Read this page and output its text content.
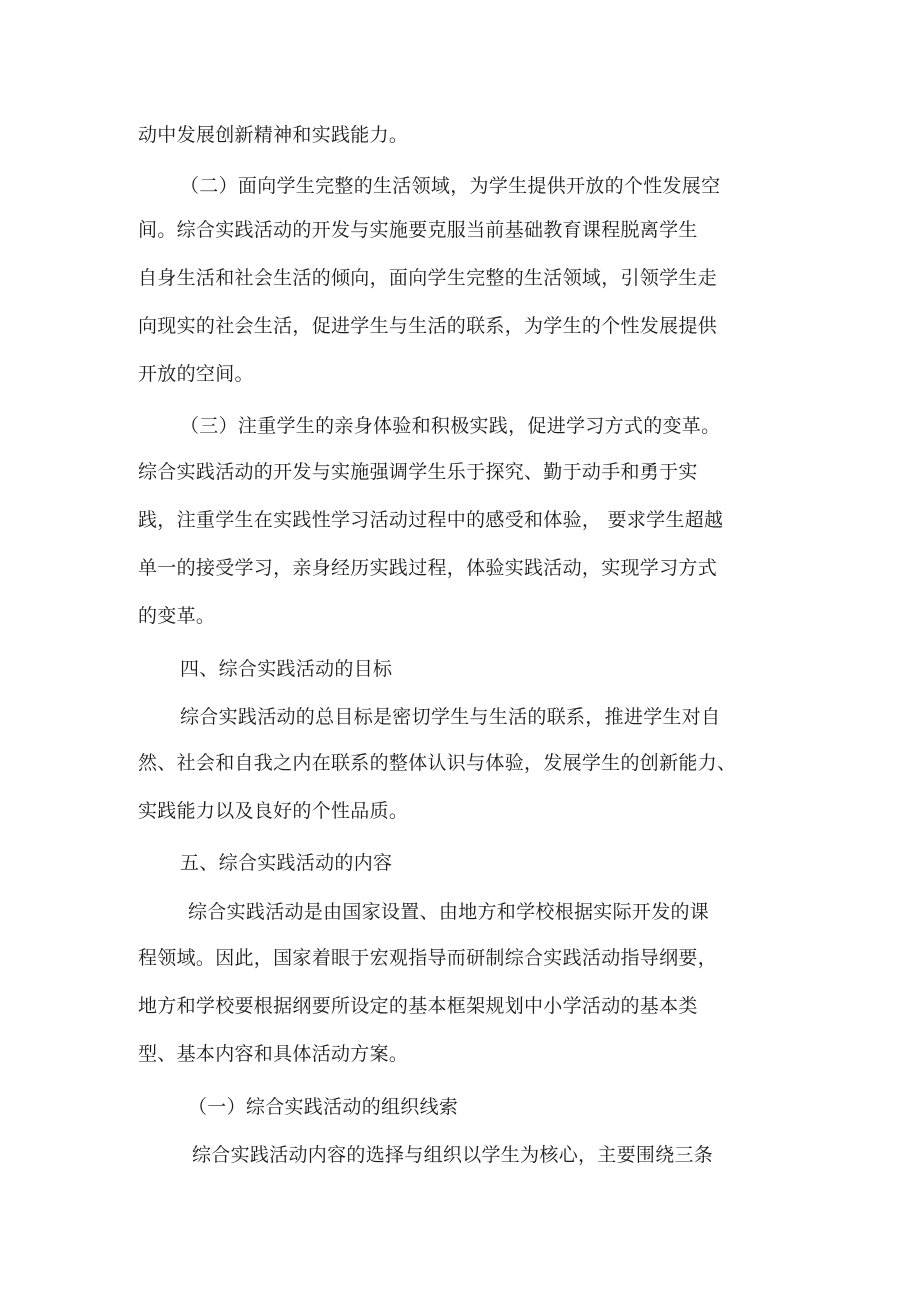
动中发展创新精神和实践能力。
（二）面向学生完整的生活领域，为学生提供开放的个性发展空
间。综合实践活动的开发与实施要克服当前基础教育课程脱离学生
自身生活和社会生活的倾向，面向学生完整的生活领域，引领学生走
向现实的社会生活，促进学生与生活的联系，为学生的个性发展提供
开放的空间。
（三）注重学生的亲身体验和积极实践，促进学习方式的变革。
综合实践活动的开发与实施强调学生乐于探究、勤于动手和勇于实
践，注重学生在实践性学习活动过程中的感受和体验， 要求学生超越
单一的接受学习，亲身经历实践过程，体验实践活动，实现学习方式
的变革。
四、综合实践活动的目标
综合实践活动的总目标是密切学生与生活的联系，推进学生对自
然、社会和自我之内在联系的整体认识与体验，发展学生的创新能力、
实践能力以及良好的个性品质。
五、综合实践活动的内容
综合实践活动是由国家设置、由地方和学校根据实际开发的课
程领域。因此，国家着眼于宏观指导而研制综合实践活动指导纲要，
地方和学校要根据纲要所设定的基本框架规划中小学活动的基本类
型、基本内容和具体活动方案。
（一）综合实践活动的组织线索
综合实践活动内容的选择与组织以学生为核心，主要围绕三条
